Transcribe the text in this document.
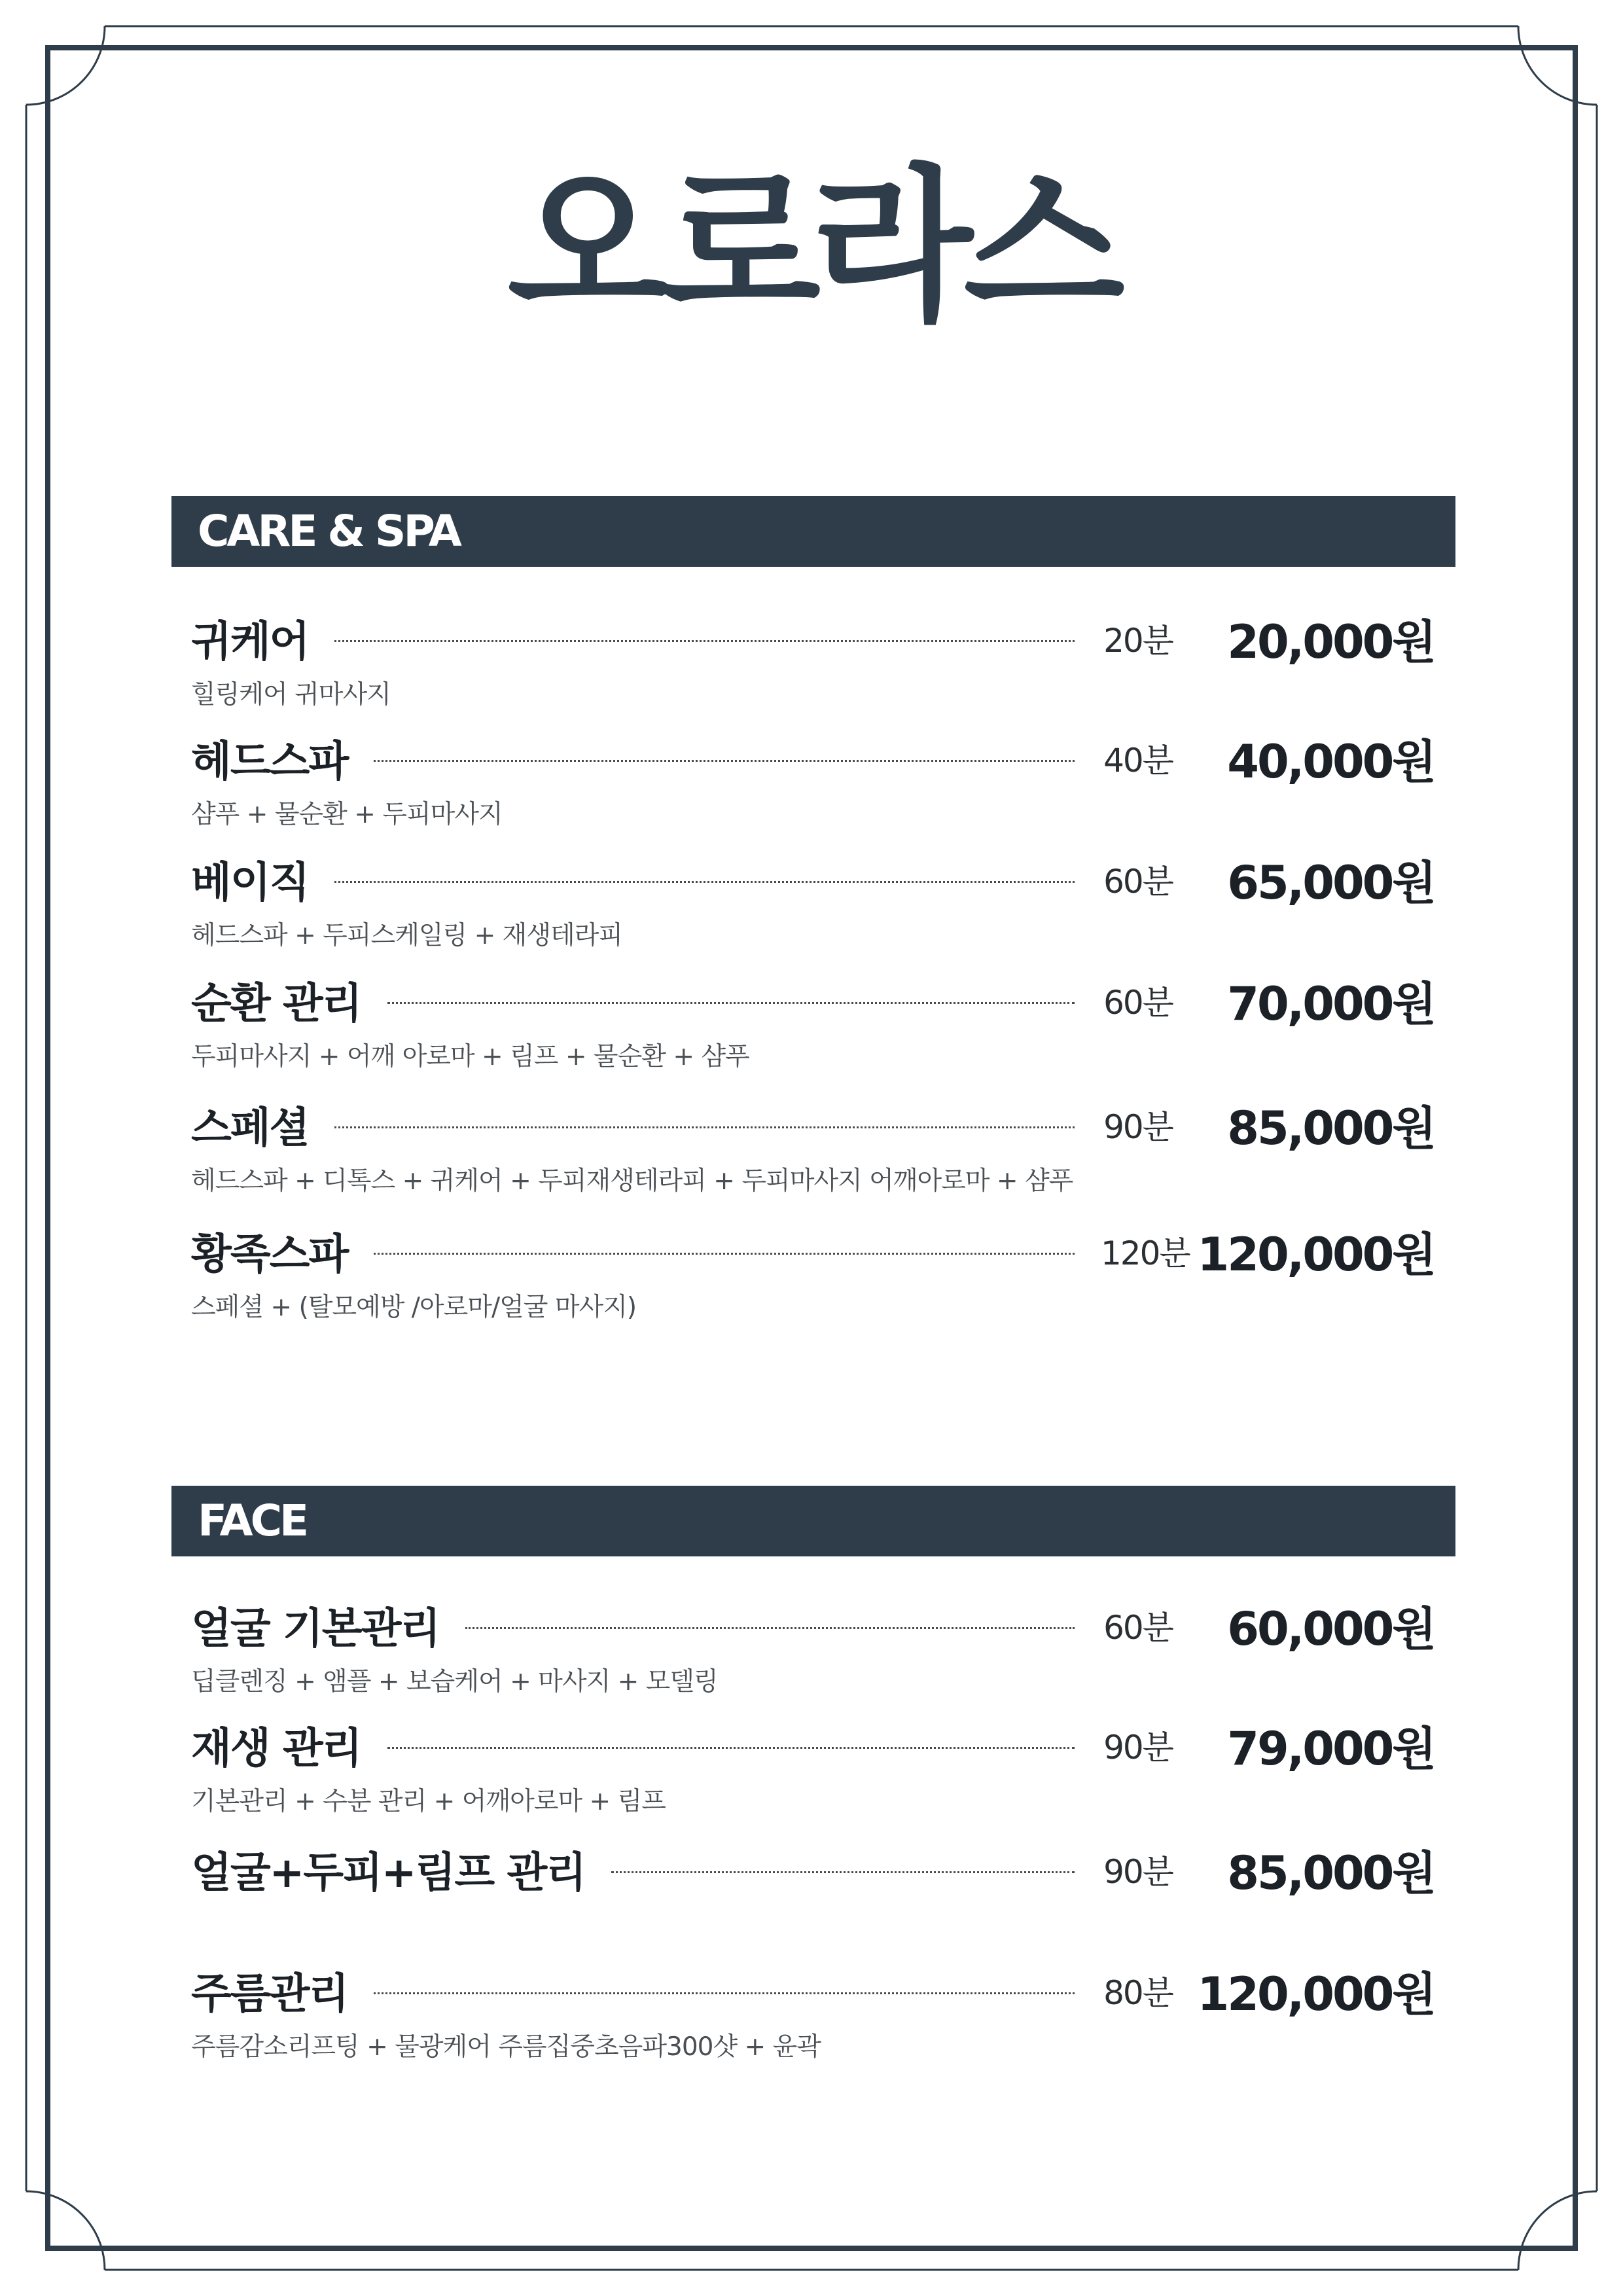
오로라스
CARE & SPA
귀케어	20분	20,000원
힐링케어 귀마사지
헤드스파	40분	40,000원
샴푸 + 물순환 + 두피마사지
베이직	60분	65,000원
헤드스파 + 두피스케일링 + 재생테라피
순환 관리	60분	70,000원
두피마사지 + 어깨 아로마 + 림프 + 물순환 + 샴푸
스페셜	90분	85,000원
헤드스파 + 디톡스 + 귀케어 + 두피재생테라피 + 두피마사지 어깨아로마 + 샴푸
황족스파	120분 120,000원
스페셜 + (탈모예방 /아로마/얼굴 마사지)
FACE
얼굴 기본관리	60분	60,000원
딥클렌징 + 앰플 + 보습케어 + 마사지 + 모델링
재생 관리	90분	79,000원
기본관리 + 수분 관리 + 어깨아로마 + 림프
얼굴+두피+림프 관리	90분	85,000원
주름관리	80분 120,000원
주름감소리프팅 + 물광케어 주름집중초음파300샷 + 윤곽
